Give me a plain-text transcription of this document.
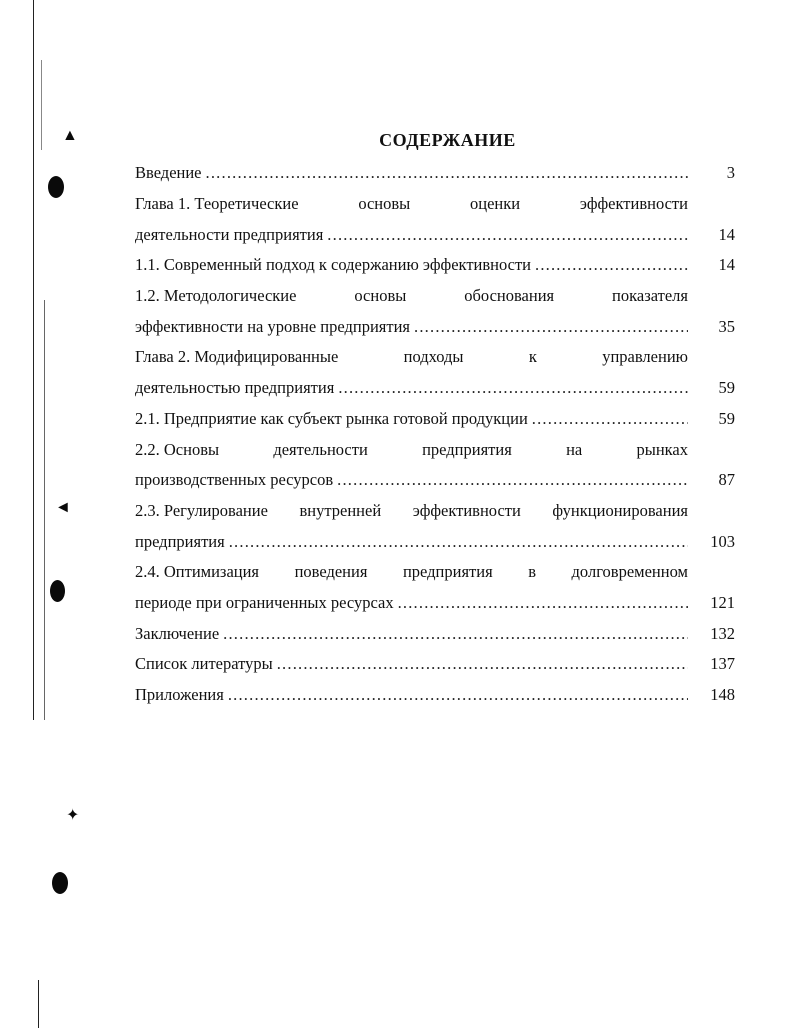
▲
◄
✦
СОДЕРЖАНИЕ
Введение .....	3
Глава 1. Теоретические	основы	оценки	эффективности
деятельности предприятия .....	14
1.1. Современный подход к содержанию эффективности .....	14
1.2. Методологические	основы	обоснования	показателя
эффективности на уровне предприятия .....	35
Глава 2. Модифицированные	подходы	к	управлению
деятельностью предприятия .....	59
2.1. Предприятие как субъект рынка готовой продукции .....	59
2.2. Основы	деятельности	предприятия	на	рынках
производственных ресурсов .....	87
2.3. Регулирование внутренней эффективности функционирования
предприятия .....	103
2.4. Оптимизация поведения предприятия в долговременном
периоде при ограниченных ресурсах .....	121
Заключение .....	132
Список литературы .....	137
Приложения .....	148
